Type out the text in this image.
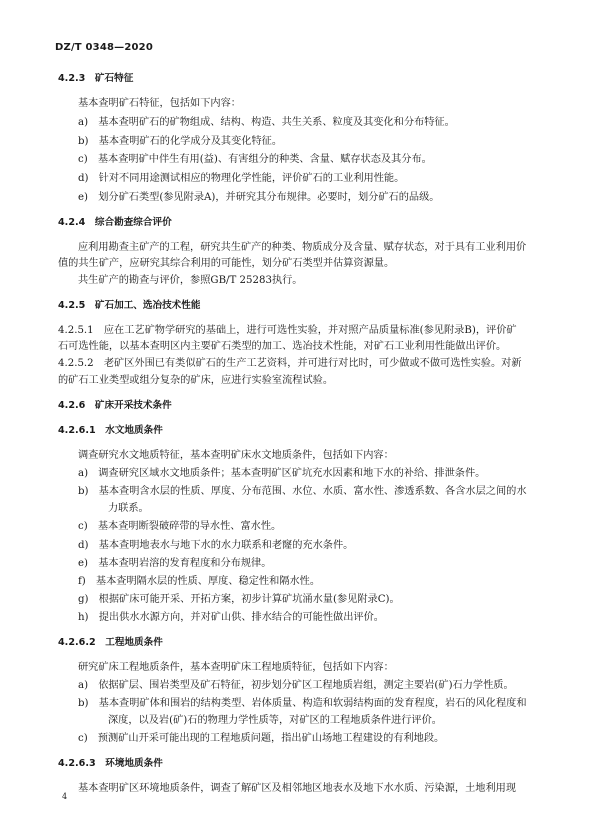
DZ/T 0348—2020
4.2.3　矿石特征
基本查明矿石特征，包括如下内容：
a)　基本查明矿石的矿物组成、结构、构造、共生关系、粒度及其变化和分布特征。
b)　基本查明矿石的化学成分及其变化特征。
c)　基本查明矿中伴生有用(益)、有害组分的种类、含量、赋存状态及其分布。
d)　针对不同用途测试相应的物理化学性能，评价矿石的工业利用性能。
e)　划分矿石类型(参见附录A)，并研究其分布规律。必要时，划分矿石的品级。
4.2.4　综合勘查综合评价
应利用勘查主矿产的工程，研究共生矿产的种类、物质成分及含量、赋存状态，对于具有工业利用价
值的共生矿产，应研究其综合利用的可能性，划分矿石类型并估算资源量。
共生矿产的勘查与评价，参照GB/T 25283执行。
4.2.5　矿石加工、选冶技术性能
4.2.5.1　应在工艺矿物学研究的基础上，进行可选性实验，并对照产品质量标准(参见附录B)，评价矿
石可选性能，以基本查明区内主要矿石类型的加工、选冶技术性能，对矿石工业利用性能做出评价。
4.2.5.2　老矿区外围已有类似矿石的生产工艺资料，并可进行对比时，可少做或不做可选性实验。对新
的矿石工业类型或组分复杂的矿床，应进行实验室流程试验。
4.2.6　矿床开采技术条件
4.2.6.1　水文地质条件
调查研究水文地质特征，基本查明矿床水文地质条件，包括如下内容：
a)　调查研究区域水文地质条件；基本查明矿区矿坑充水因素和地下水的补给、排泄条件。
b)　基本查明含水层的性质、厚度、分布范围、水位、水质、富水性、渗透系数、各含水层之间的水
力联系。
c)　基本查明断裂破碎带的导水性、富水性。
d)　基本查明地表水与地下水的水力联系和老窿的充水条件。
e)　基本查明岩溶的发育程度和分布规律。
f)　基本查明隔水层的性质、厚度、稳定性和隔水性。
g)　根据矿床可能开采、开拓方案，初步计算矿坑涌水量(参见附录C)。
h)　提出供水水源方向，并对矿山供、排水结合的可能性做出评价。
4.2.6.2　工程地质条件
研究矿床工程地质条件，基本查明矿床工程地质特征，包括如下内容：
a)　依据矿层、围岩类型及矿石特征，初步划分矿区工程地质岩组，测定主要岩(矿)石力学性质。
b)　基本查明矿体和围岩的结构类型、岩体质量、构造和软弱结构面的发育程度，岩石的风化程度和
深度，以及岩(矿)石的物理力学性质等，对矿区的工程地质条件进行评价。
c)　预测矿山开采可能出现的工程地质问题，指出矿山场地工程建设的有利地段。
4.2.6.3　环境地质条件
基本查明矿区环境地质条件，调查了解矿区及相邻地区地表水及地下水水质、污染源，土地利用现
4
